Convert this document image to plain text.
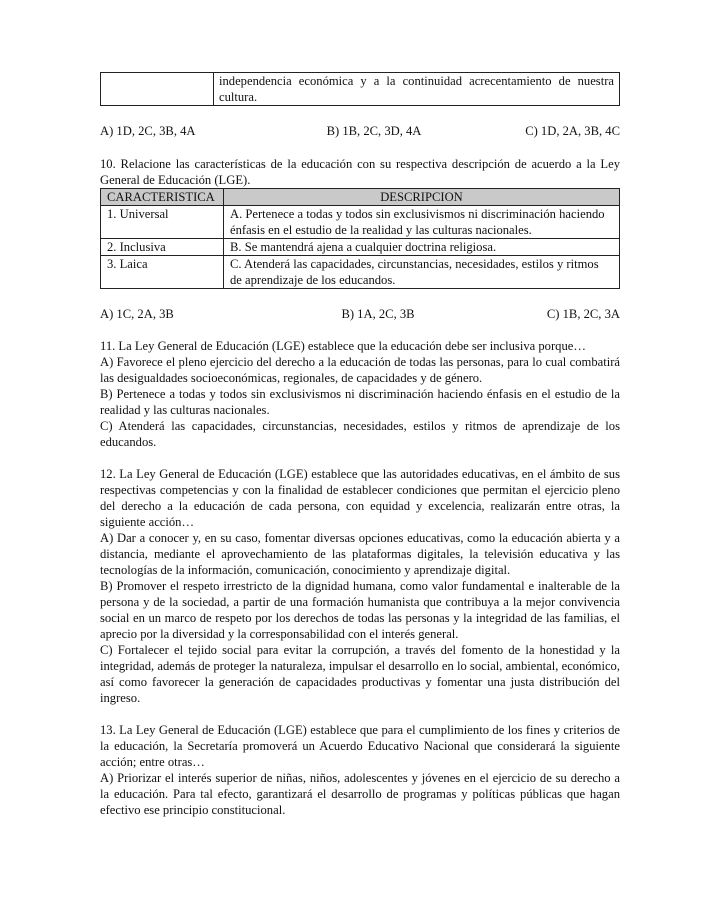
	independencia económica y a la continuidad acrecentamiento de nuestra cultura.
A) 1D, 2C, 3B, 4A	B) 1B, 2C, 3D, 4A	C) 1D, 2A, 3B, 4C
10. Relacione las características de la educación con su respectiva descripción de acuerdo a la Ley General de Educación (LGE).
CARACTERISTICA	DESCRIPCION
1. Universal	A. Pertenece a todas y todos sin exclusivismos ni discriminación haciendo énfasis en el estudio de la realidad y las culturas nacionales.
2. Inclusiva	B. Se mantendrá ajena a cualquier doctrina religiosa.
3. Laica	C. Atenderá las capacidades, circunstancias, necesidades, estilos y ritmos de aprendizaje de los educandos.
A) 1C, 2A, 3B	B) 1A, 2C, 3B	C) 1B, 2C, 3A
11. La Ley General de Educación (LGE) establece que la educación debe ser inclusiva porque…
A) Favorece el pleno ejercicio del derecho a la educación de todas las personas, para lo cual combatirá las desigualdades socioeconómicas, regionales, de capacidades y de género.
B) Pertenece a todas y todos sin exclusivismos ni discriminación haciendo énfasis en el estudio de la realidad y las culturas nacionales.
C) Atenderá las capacidades, circunstancias, necesidades, estilos y ritmos de aprendizaje de los educandos.
12. La Ley General de Educación (LGE) establece que las autoridades educativas, en el ámbito de sus respectivas competencias y con la finalidad de establecer condiciones que permitan el ejercicio pleno del derecho a la educación de cada persona, con equidad y excelencia, realizarán entre otras, la siguiente acción…
A) Dar a conocer y, en su caso, fomentar diversas opciones educativas, como la educación abierta y a distancia, mediante el aprovechamiento de las plataformas digitales, la televisión educativa y las tecnologías de la información, comunicación, conocimiento y aprendizaje digital.
B) Promover el respeto irrestricto de la dignidad humana, como valor fundamental e inalterable de la persona y de la sociedad, a partir de una formación humanista que contribuya a la mejor convivencia social en un marco de respeto por los derechos de todas las personas y la integridad de las familias, el aprecio por la diversidad y la corresponsabilidad con el interés general.
C) Fortalecer el tejido social para evitar la corrupción, a través del fomento de la honestidad y la integridad, además de proteger la naturaleza, impulsar el desarrollo en lo social, ambiental, económico, así como favorecer la generación de capacidades productivas y fomentar una justa distribución del ingreso.
13. La Ley General de Educación (LGE) establece que para el cumplimiento de los fines y criterios de la educación, la Secretaría promoverá un Acuerdo Educativo Nacional que considerará la siguiente acción; entre otras…
A) Priorizar el interés superior de niñas, niños, adolescentes y jóvenes en el ejercicio de su derecho a la educación. Para tal efecto, garantizará el desarrollo de programas y políticas públicas que hagan efectivo ese principio constitucional.
